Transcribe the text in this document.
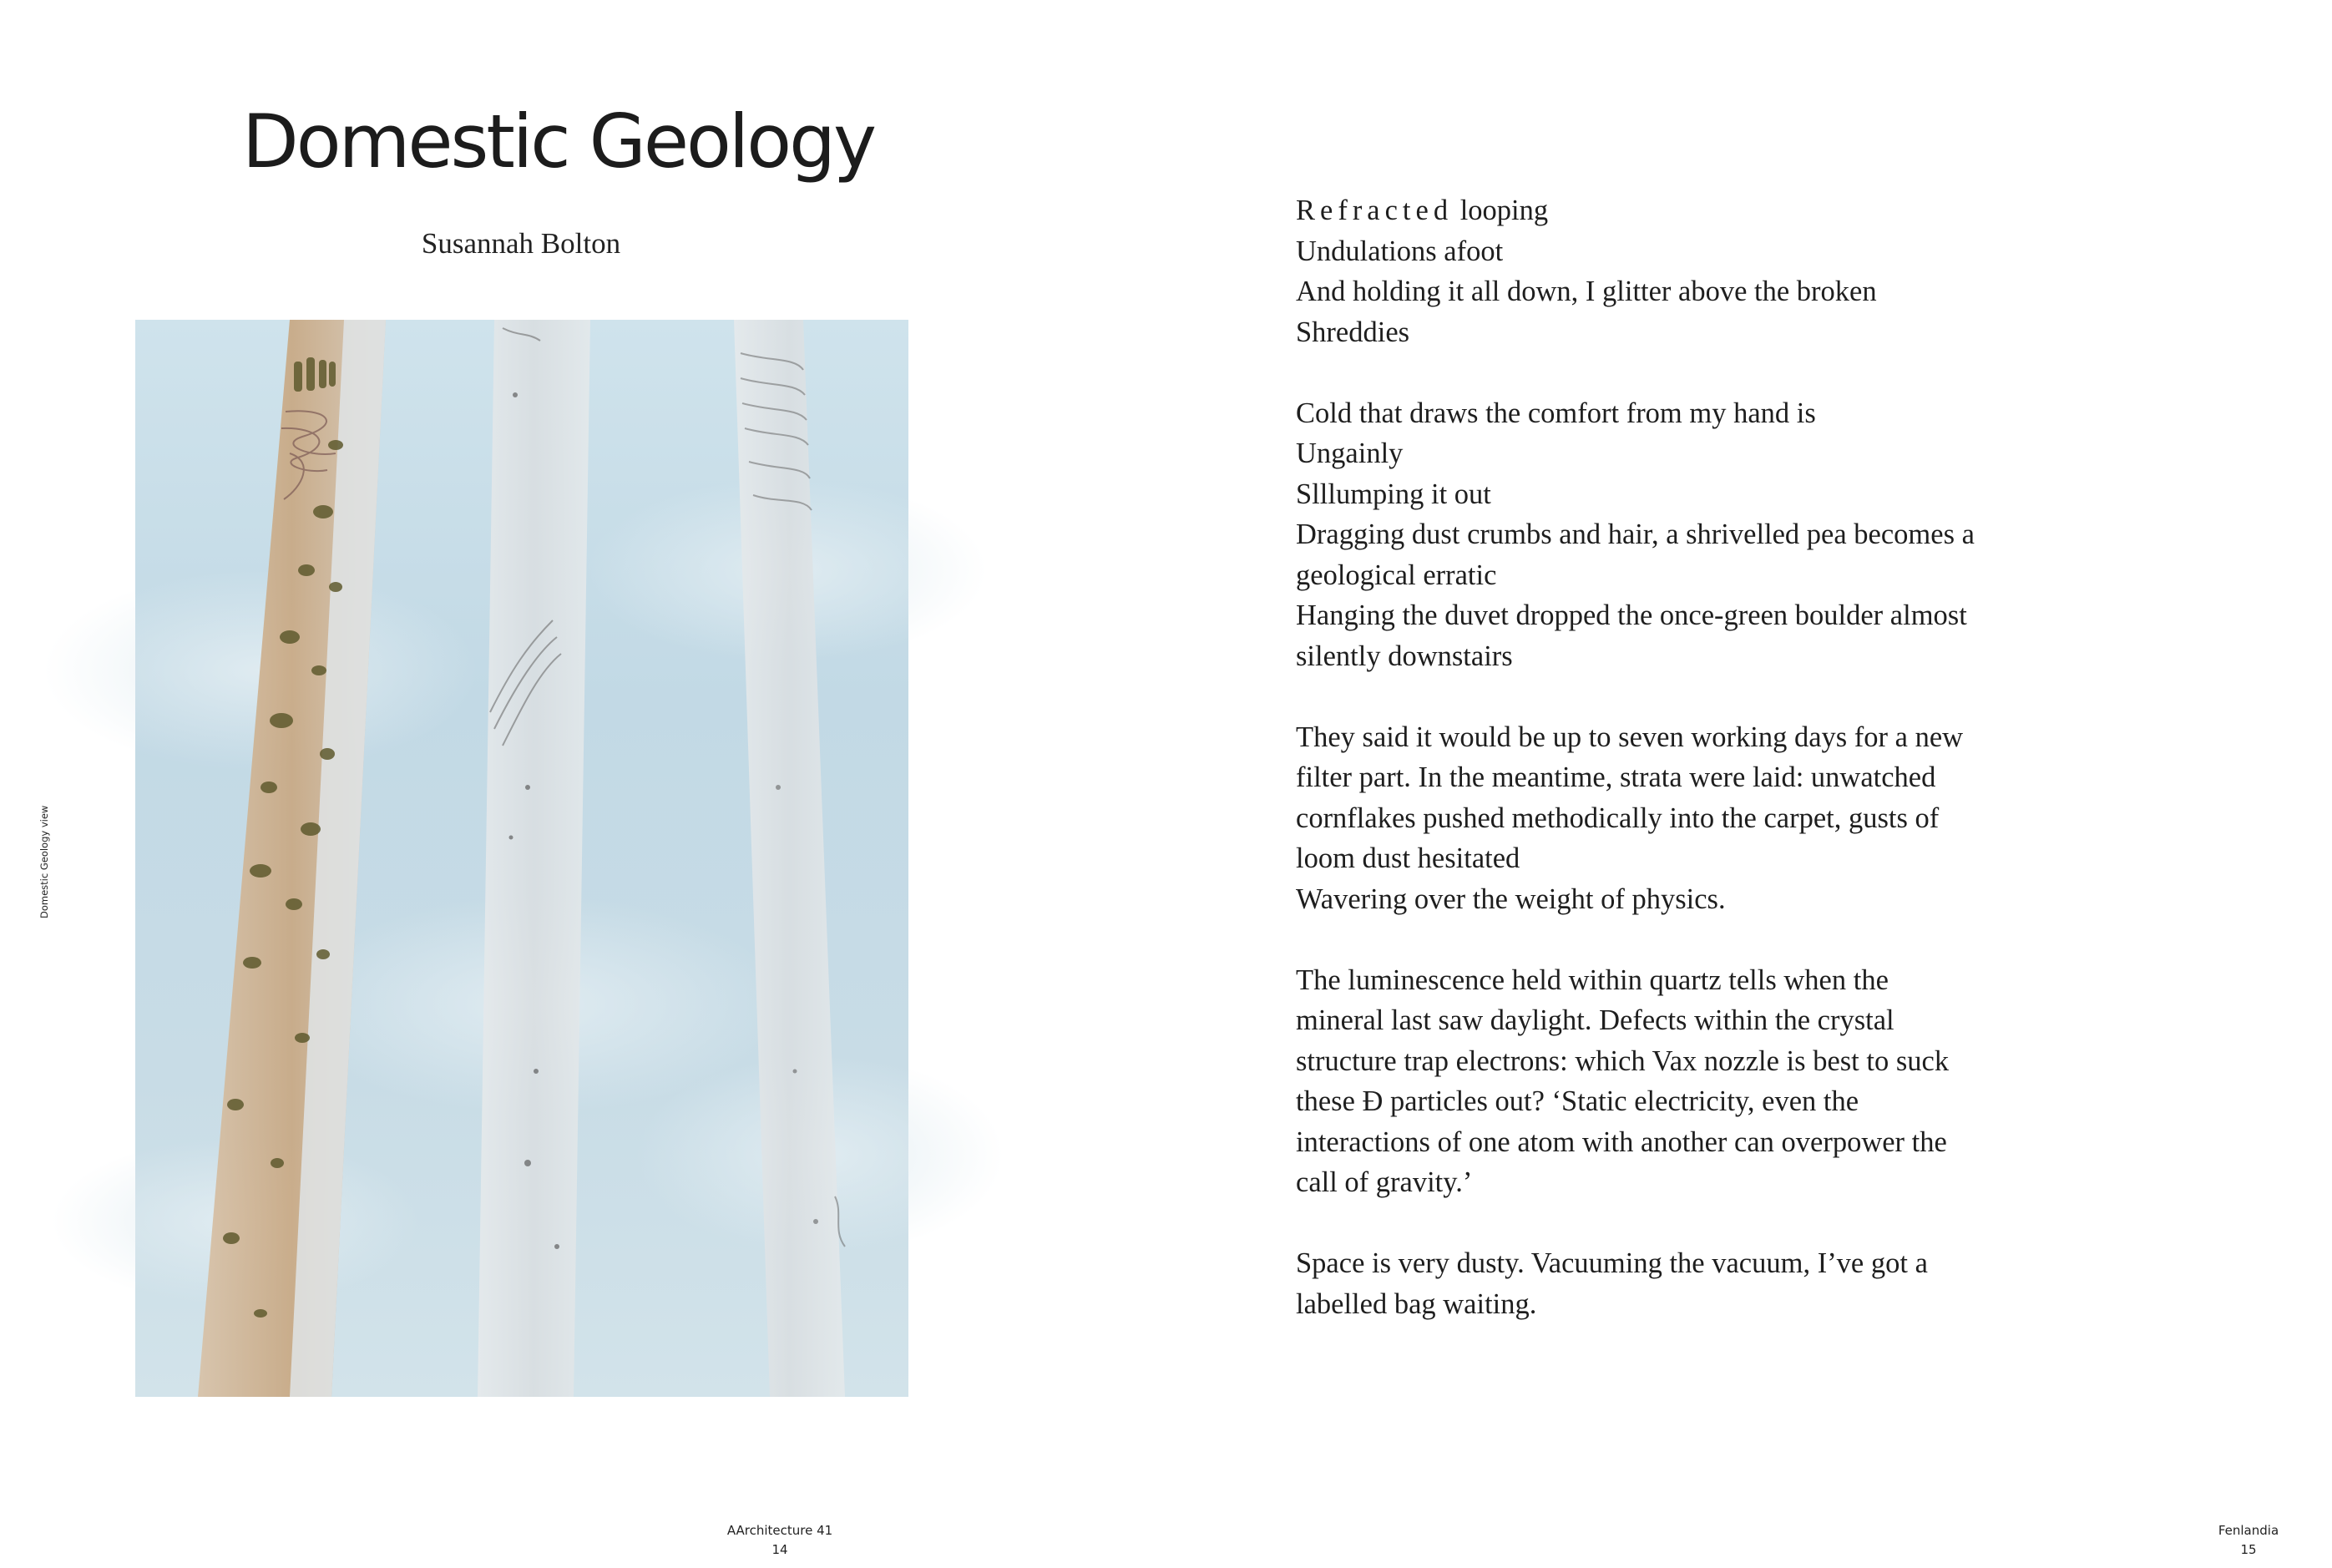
Domestic Geology
Susannah Bolton
Domestic Geology view
AArchitecture 41
14
Refracted looping
Undulations afoot
And holding it all down, I glitter above the broken
Shreddies
Cold that draws the comfort from my hand is
Ungainly
Slllumping it out
Dragging dust crumbs and hair, a shrivelled pea becomes a
geological erratic
Hanging the duvet dropped the once-green boulder almost
silently downstairs
They said it would be up to seven working days for a new
filter part. In the meantime, strata were laid: unwatched
cornflakes pushed methodically into the carpet, gusts of
loom dust hesitated
Wavering over the weight of physics.
The luminescence held within quartz tells when the
mineral last saw daylight. Defects within the crystal
structure trap electrons: which Vax nozzle is best to suck
these Ð particles out? ‘Static electricity, even the
interactions of one atom with another can overpower the
call of gravity.’
Space is very dusty. Vacuuming the vacuum, I’ve got a
labelled bag waiting.
Fenlandia
15
